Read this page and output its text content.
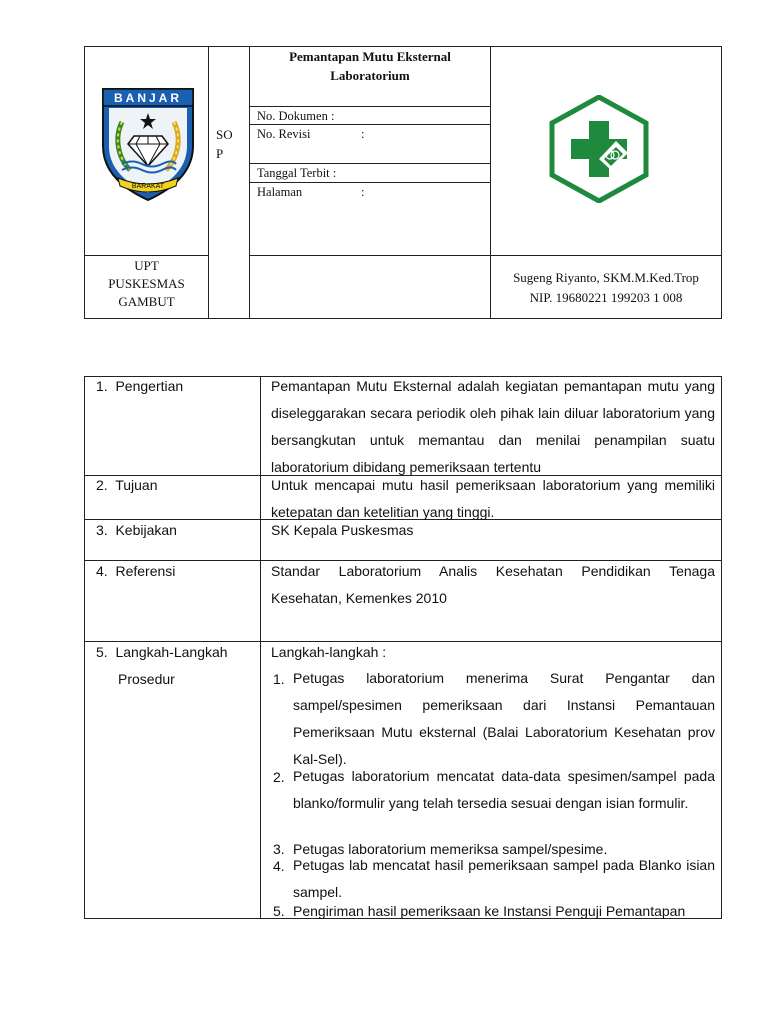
BANJAR
BARAKAT
SO
P
Pemantapan Mutu Eksternal
Laboratorium
No. Dokumen :
No. Revisi	:
Tanggal Terbit :
Halaman	:
UPT
PUSKESMAS
GAMBUT
Sugeng Riyanto, SKM.M.Ked.Trop
NIP. 19680221 199203 1 008
1.  Pengertian
2.  Tujuan
3.  Kebijakan
4.  Referensi
5.  Langkah-Langkah
Prosedur
Pemantapan Mutu Eksternal adalah kegiatan pemantapan mutu yang diseleggarakan secara periodik oleh pihak lain diluar laboratorium yang bersangkutan untuk memantau dan menilai penampilan suatu laboratorium dibidang pemeriksaan tertentu
Untuk mencapai mutu hasil pemeriksaan laboratorium yang memiliki ketepatan dan ketelitian yang tinggi.
SK Kepala Puskesmas
Standar Laboratorium Analis Kesehatan Pendidikan Tenaga Kesehatan, Kemenkes 2010
Langkah-langkah :
1. Petugas laboratorium menerima Surat Pengantar dan sampel/spesimen pemeriksaan dari Instansi Pemantauan Pemeriksaan Mutu eksternal (Balai Laboratorium Kesehatan prov Kal-Sel).
2. Petugas laboratorium mencatat data-data spesimen/sampel pada blanko/formulir yang telah tersedia sesuai dengan isian formulir.
3. Petugas laboratorium memeriksa sampel/spesime.
4. Petugas lab mencatat hasil pemeriksaan sampel pada Blanko isian sampel.
5. Pengiriman hasil pemeriksaan ke Instansi Penguji Pemantapan
